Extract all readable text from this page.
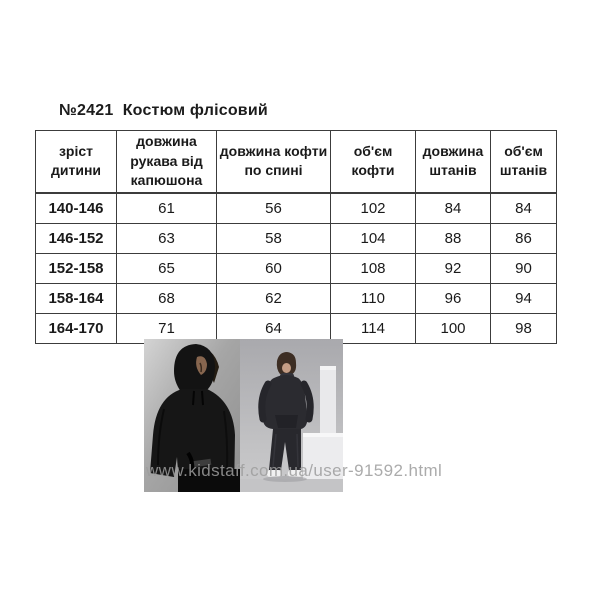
№2421  Костюм флісовий
зріст дитини	довжина рукава від капюшона	довжина кофти по спині	об'єм кофти	довжина штанів	об'єм штанів
140-146	61	56	102	84	84
146-152	63	58	104	88	86
152-158	65	60	108	92	90
158-164	68	62	110	96	94
164-170	71	64	114	100	98
www.kidstaff.com.ua/user-91592.html
